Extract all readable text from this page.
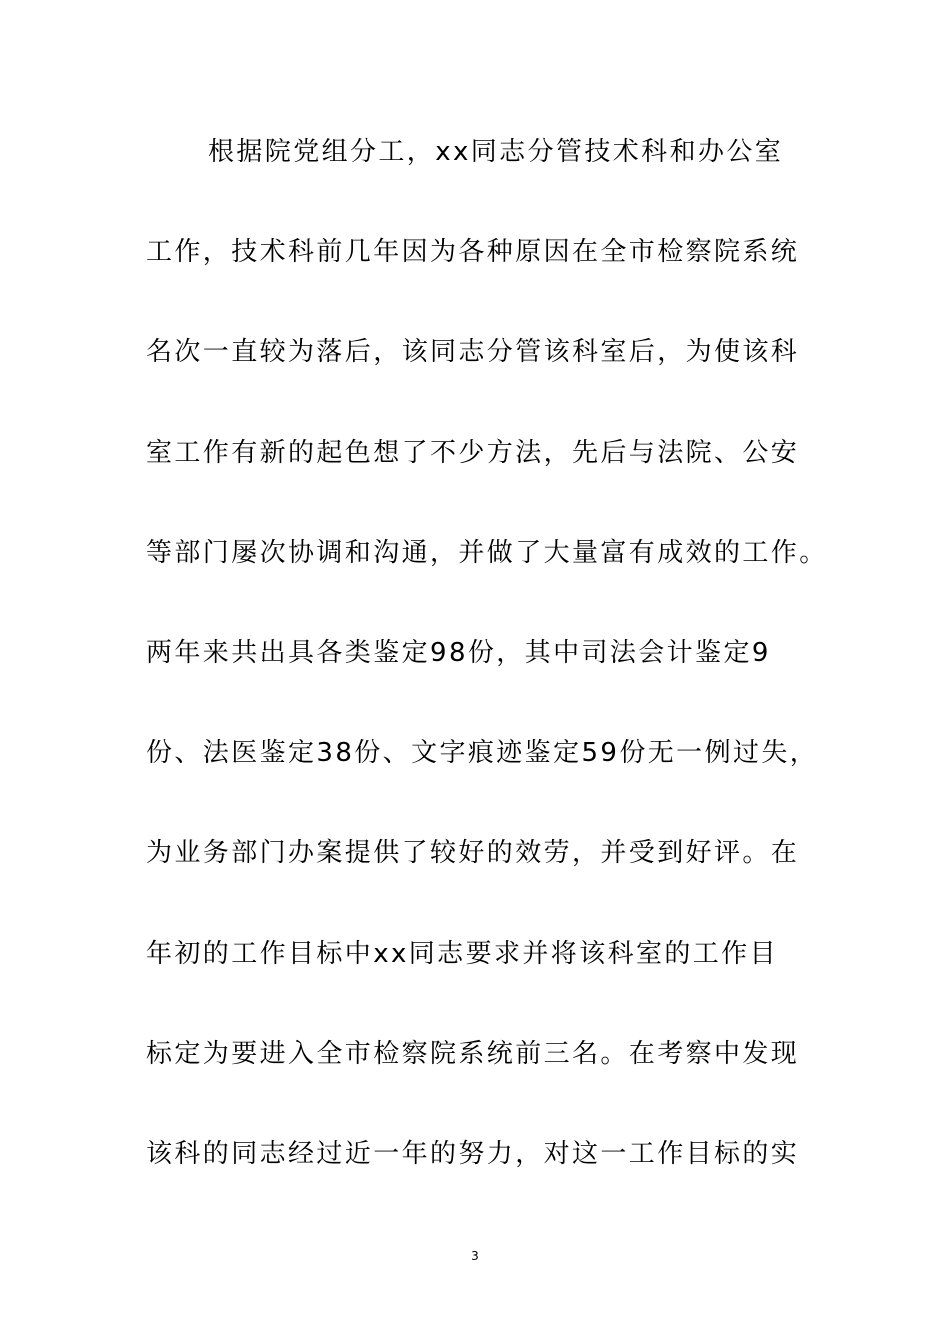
根据院党组分工，xx同志分管技术科和办公室
工作，技术科前几年因为各种原因在全市检察院系统
名次一直较为落后，该同志分管该科室后，为使该科
室工作有新的起色想了不少方法，先后与法院、公安
等部门屡次协调和沟通，并做了大量富有成效的工作。
两年来共出具各类鉴定98份，其中司法会计鉴定9
份、法医鉴定38份、文字痕迹鉴定59份无一例过失，
为业务部门办案提供了较好的效劳，并受到好评。在
年初的工作目标中xx同志要求并将该科室的工作目
标定为要进入全市检察院系统前三名。在考察中发现
该科的同志经过近一年的努力，对这一工作目标的实
3
